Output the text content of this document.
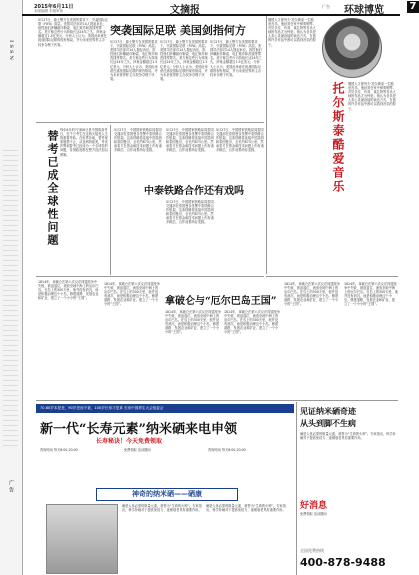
ISSN
广告
2015年6月11日
本版编辑 本版审读	文摘报	广告 环球博览	7
5月27日，瑞士警方在美国的要求下，突袭国际足联（FIFA）高层。美国司法部对14人提起诉讼，指控他们涉嫌敲诈勒索、电汇欺诈和洗钱等罪名。美方称这些行为持续长达24年之久，涉案金额超过1.5亿美元。分析人士认为，美国此举意在挑战国际足联的现有格局，并为未来世界杯主办权争夺埋下伏笔。
突袭国际足联 美国剑指何方
5月27日，瑞士警方在美国的要求下，突袭国际足联（FIFA）高层。美国司法部对14人提起诉讼，指控他们涉嫌敲诈勒索、电汇欺诈和洗钱等罪名。美方称这些行为持续长达24年之久，涉案金额超过1.5亿美元。分析人士认为，美国此举意在挑战国际足联的现有格局，并为未来世界杯主办权争夺埋下伏笔。
5月27日，瑞士警方在美国的要求下，突袭国际足联（FIFA）高层。美国司法部对14人提起诉讼，指控他们涉嫌敲诈勒索、电汇欺诈和洗钱等罪名。美方称这些行为持续长达24年之久，涉案金额超过1.5亿美元。分析人士认为，美国此举意在挑战国际足联的现有格局，并为未来世界杯主办权争夺埋下伏笔。
5月27日，瑞士警方在美国的要求下，突袭国际足联（FIFA）高层。美国司法部对14人提起诉讼，指控他们涉嫌敲诈勒索、电汇欺诈和洗钱等罪名。美方称这些行为持续长达24年之久，涉案金额超过1.5亿美元。分析人士认为，美国此举意在挑战国际足联的现有格局，并为未来世界杯主办权争夺埋下伏笔。
替考已成全球性问题 每年6月的7日和8日是中国的高考日，近千万考生在这两天接受人生的重要考验。在世界各地，替考现象屡禁不止，从亚洲到欧美，考试作弊和替考已经成为一个全球性的问题，各国政府都在想方设法加以遏制。
5月27日，中国国家铁路局同泰国交通部在泰国曼谷签署中泰铁路合作框架。这条铁路将连接中国昆明和泰国曼谷，全长约873公里。然而泰方在资金和技术问题上仍有诸多顾虑，合作前景尚存变数。
5月27日，中国国家铁路局同泰国交通部在泰国曼谷签署中泰铁路合作框架。这条铁路将连接中国昆明和泰国曼谷，全长约873公里。然而泰方在资金和技术问题上仍有诸多顾虑，合作前景尚存变数。
中泰铁路合作还有戏吗
5月27日，中国国家铁路局同泰国交通部在泰国曼谷签署中泰铁路合作框架。这条铁路将连接中国昆明和泰国曼谷，全长约873公里。然而泰方在资金和技术问题上仍有诸多顾虑，合作前景尚存变数。
5月27日，中国国家铁路局同泰国交通部在泰国曼谷签署中泰铁路合作框架。这条铁路将连接中国昆明和泰国曼谷，全长约873公里。然而泰方在资金和技术问题上仍有诸多顾虑，合作前景尚存变数。
俄国大文豪列夫·托尔斯泰一生酷爱音乐。他经常在家中弹奏钢琴，对贝多芬、肖邦、莫扎特等音乐大师的作品尤为钟爱。他认为音乐是人类心灵最直接的表达方式，在他的许多作品中都可以看到音乐的影子。
托尔斯泰酷爱音乐 俄国大文豪列夫·托尔斯泰一生酷爱音乐。他经常在家中弹奏钢琴，对贝多芬、肖邦、莫扎特等音乐大师的作品尤为钟爱。他认为音乐是人类心灵最直接的表达方式，在他的许多作品中都可以看到音乐的影子。
1814年，拿破仑在第六次反法同盟战争中失败，被迫退位，流放至地中海上的厄尔巴岛。在岛上的300天里，他并没有消沉，而是积极治理这个小岛，修建道路、发展农业和矿业，建立了一个小小的“王国”。	拿破仑与“厄尔巴岛王国”
1814年，拿破仑在第六次反法同盟战争中失败，被迫退位，流放至地中海上的厄尔巴岛。在岛上的300天里，他并没有消沉，而是积极治理这个小岛，修建道路、发展农业和矿业，建立了一个小小的“王国”。
1814年，拿破仑在第六次反法同盟战争中失败，被迫退位，流放至地中海上的厄尔巴岛。在岛上的300天里，他并没有消沉，而是积极治理这个小岛，修建道路、发展农业和矿业，建立了一个小小的“王国”。
1814年，拿破仑在第六次反法同盟战争中失败，被迫退位，流放至地中海上的厄尔巴岛。在岛上的300天里，他并没有消沉，而是积极治理这个小岛，修建道路、发展农业和矿业，建立了一个小小的“王国”。
1814年，拿破仑在第六次反法同盟战争中失败，被迫退位，流放至地中海上的厄尔巴岛。在岛上的300天里，他并没有消沉，而是积极治理这个小岛，修建道路、发展农业和矿业，建立了一个小小的“王国”。
1814年，拿破仑在第六次反法同盟战争中失败，被迫退位，流放至地中海上的厄尔巴岛。在岛上的300天里，他并没有消沉，而是积极治理这个小岛，修建道路、发展农业和矿业，建立了一个小小的“王国”。
70.80岁本是老，90岁老而不衰，100岁长寿才是真 长寿中国养生大会组委会
新一代“长寿元素”纳米硒来电申领
长寿秘诀！今天免费领取
咨询时间 每天8:00-20:00	免费领取 活动期间	咨询时间 每天8:00-20:00
神奇的纳米硒——硒康
硒是人体必需的微量元素，被誉为“生命的火种”。专家指出，科学补硒对于提高免疫力、延缓衰老具有重要作用。
硒是人体必需的微量元素，被誉为“生命的火种”。专家指出，科学补硒对于提高免疫力、延缓衰老具有重要作用。
见证纳米硒奇迹
从头到脚不生病
硒是人体必需的微量元素，被誉为“生命的火种”。专家指出，科学补硒对于提高免疫力、延缓衰老具有重要作用。
好消息
免费领取 活动期间
全国免费热线
400-878-9488
